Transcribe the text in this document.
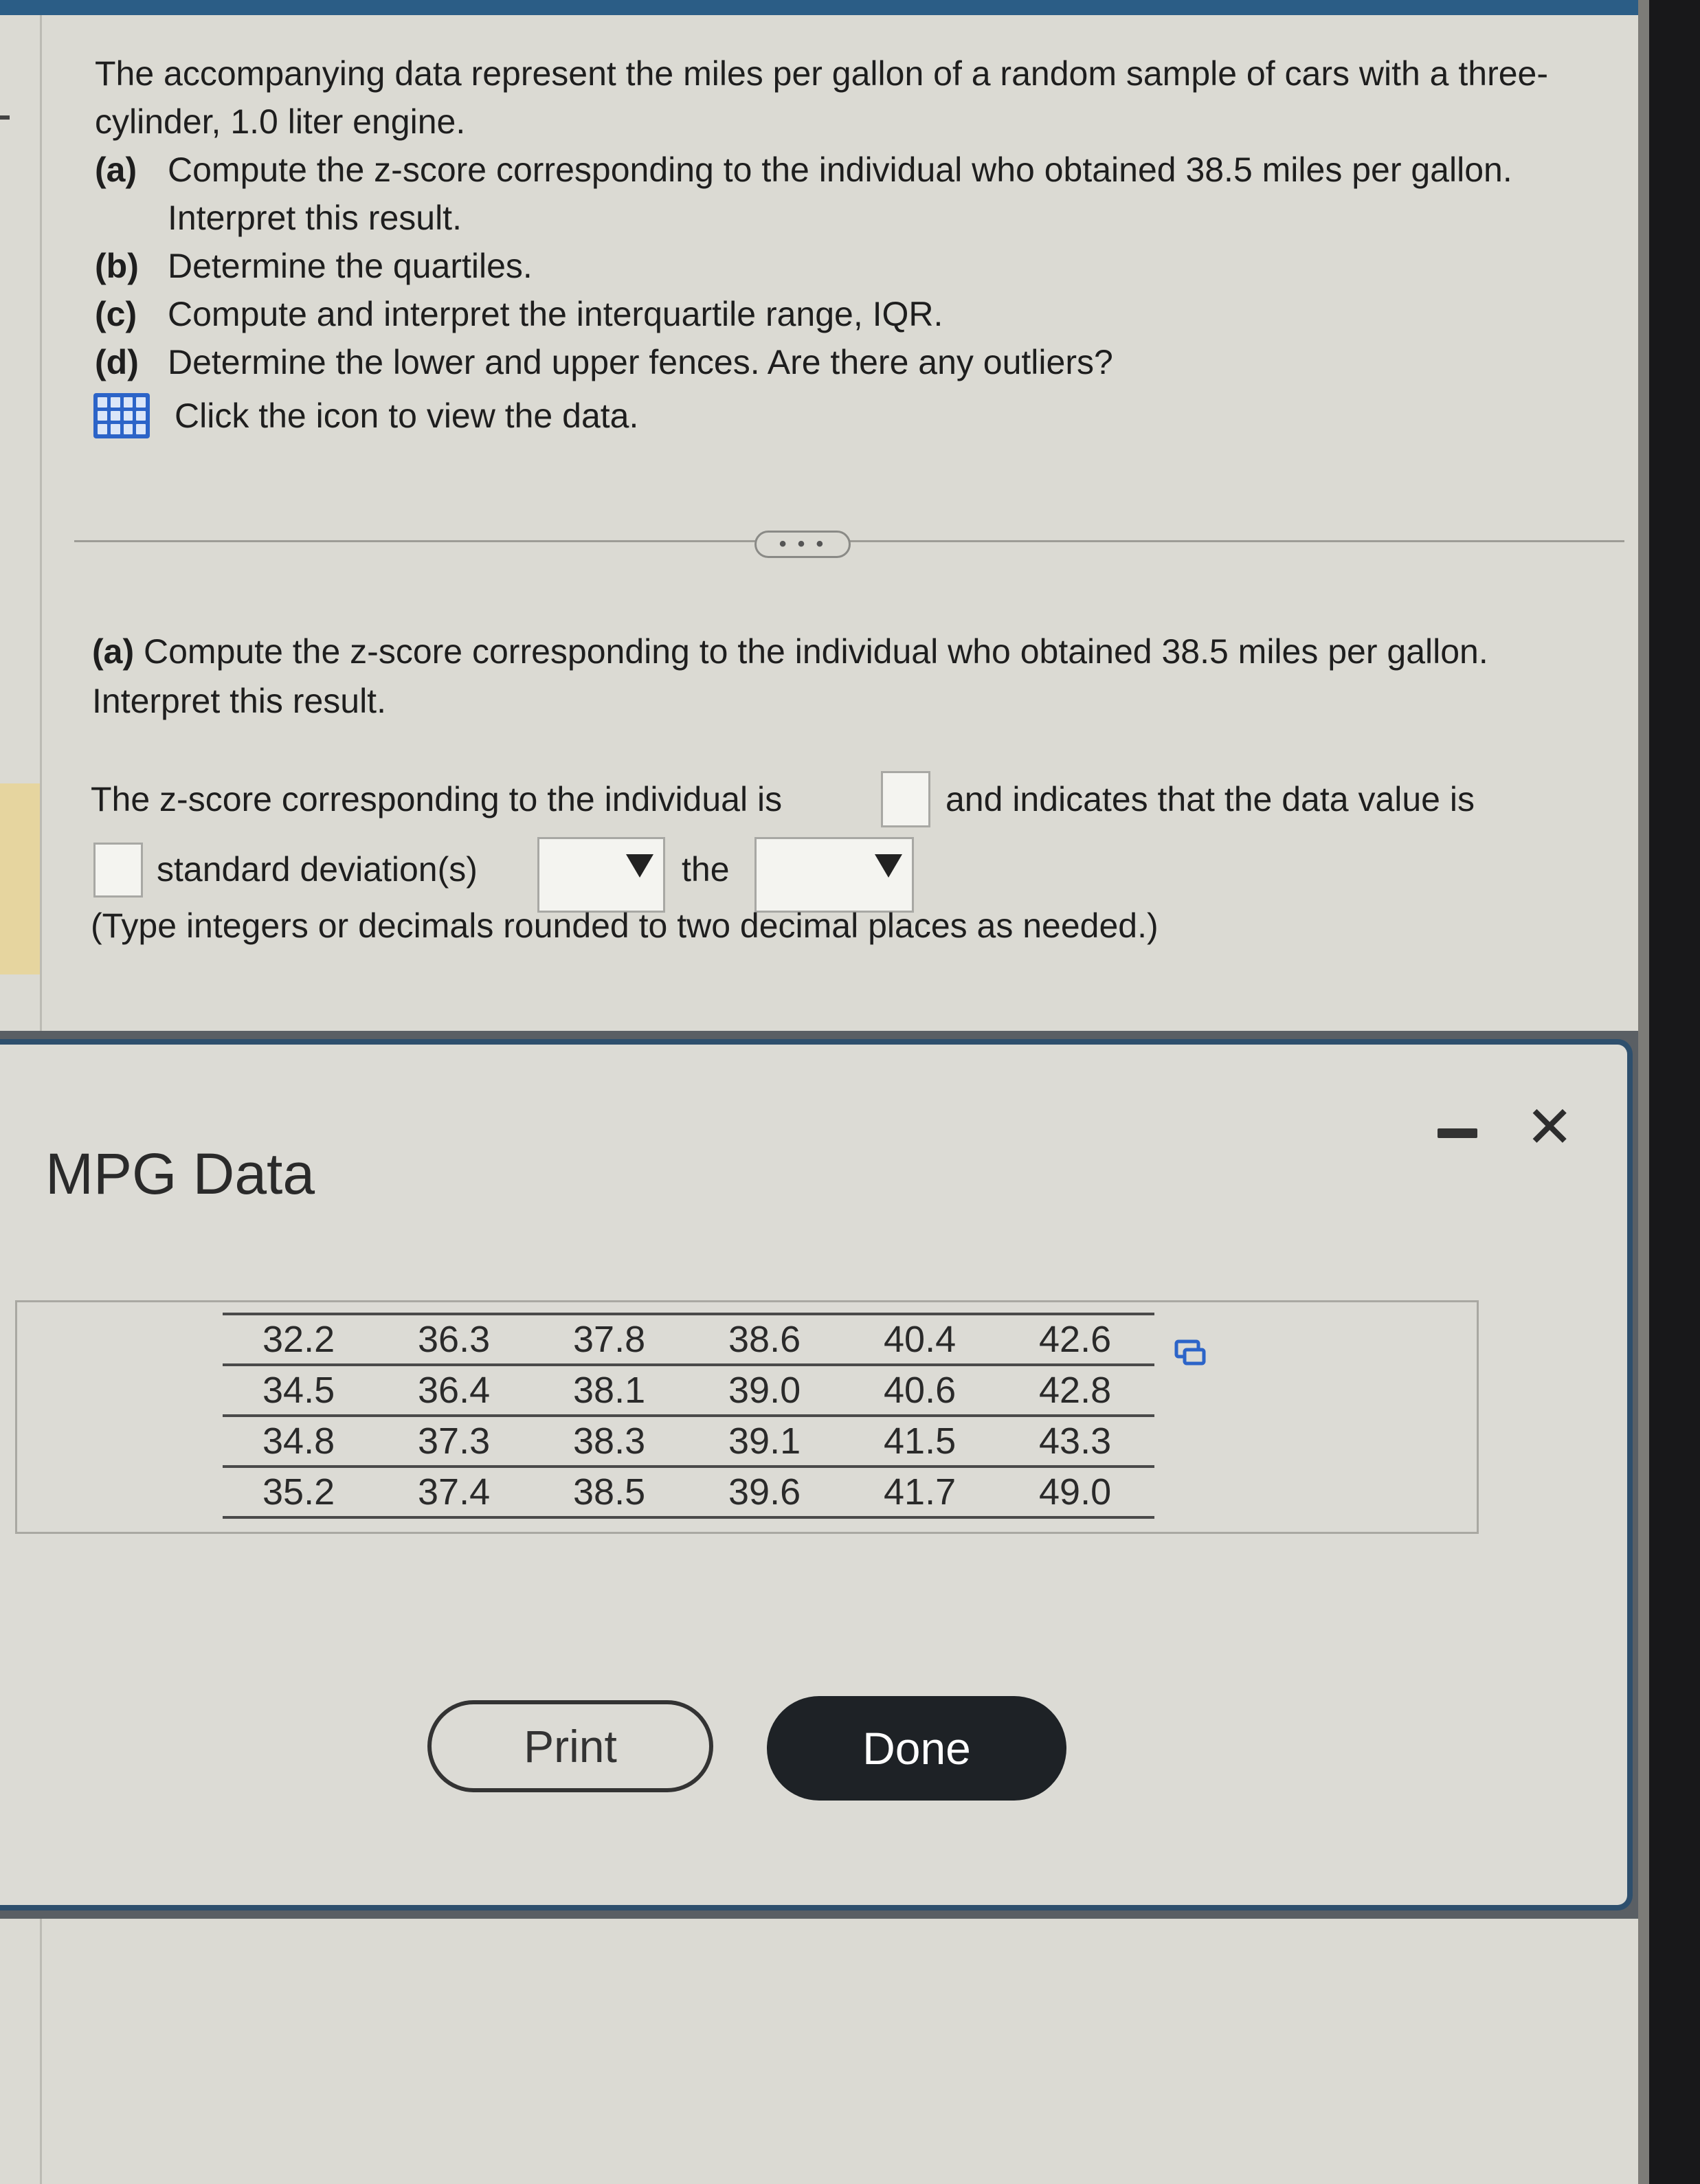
The accompanying data represent the miles per gallon of a random sample of cars with a three-cylinder, 1.0 liter engine.

(a) Compute the z-score corresponding to the individual who obtained 38.5 miles per gallon. Interpret this result.
(b) Determine the quartiles.
(c) Compute and interpret the interquartile range, IQR.
(d) Determine the lower and upper fences. Are there any outliers?
Click the icon to view the data.
• • •
(a) Compute the z-score corresponding to the individual who obtained 38.5 miles per gallon. Interpret this result.
The z-score corresponding to the individual is	and indicates that the data value is
standard deviation(s)	the
(Type integers or decimals rounded to two decimal places as needed.)
MPG Data
✕
32.2	36.3	37.8	38.6	40.4	42.6
34.5	36.4	38.1	39.0	40.6	42.8
34.8	37.3	38.3	39.1	41.5	43.3
35.2	37.4	38.5	39.6	41.7	49.0
Print	Done
